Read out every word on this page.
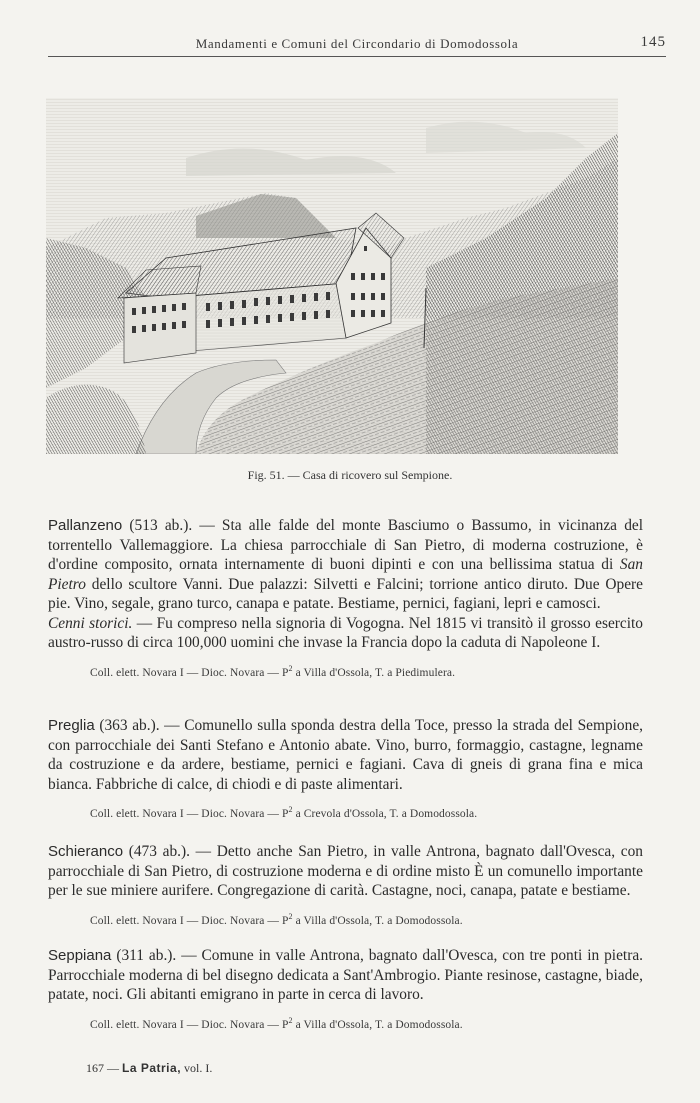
Mandamenti e Comuni del Circondario di Domodossola	145
Fig. 51. — Casa di ricovero sul Sempione.

Pallanzeno (513 ab.). — Sta alle falde del monte Basciumo o Bassumo, in vicinanza del torrentello Vallemaggiore. La chiesa parrocchiale di San Pietro, di moderna costruzione, è d'ordine composito, ornata internamente di buoni dipinti e con una bellissima statua di San Pietro dello scultore Vanni. Due palazzi: Silvetti e Falcini; torrione antico diruto. Due Opere pie. Vino, segale, grano turco, canapa e patate. Bestiame, pernici, fagiani, lepri e camosci.

Cenni storici. — Fu compreso nella signoria di Vogogna. Nel 1815 vi transitò il grosso esercito austro-russo di circa 100,000 uomini che invase la Francia dopo la caduta di Napoleone I.

Coll. elett. Novara I — Dioc. Novara — $P^2$ a Villa d'Ossola, T. a Piedimulera.

Preglia (363 ab.). — Comunello sulla sponda destra della Toce, presso la strada del Sempione, con parrocchiale dei Santi Stefano e Antonio abate. Vino, burro, formaggio, castagne, legname da costruzione e da ardere, bestiame, pernici e fagiani. Cava di gneis di grana fina e mica bianca. Fabbriche di calce, di chiodi e di paste alimentari.

Coll. elett. Novara I — Dioc. Novara — $P^2$ a Crevola d'Ossola, T. a Domodossola.

Schieranco (473 ab.). — Detto anche San Pietro, in valle Antrona, bagnato dall'Ovesca, con parrocchiale di San Pietro, di costruzione moderna e di ordine misto È un comunello importante per le sue miniere aurifere. Congregazione di carità. Castagne, noci, canapa, patate e bestiame.

Coll. elett. Novara I — Dioc. Novara — $P^2$ a Villa d'Ossola, T. a Domodossola.

Seppiana (311 ab.). — Comune in valle Antrona, bagnato dall'Ovesca, con tre ponti in pietra. Parrocchiale moderna di bel disegno dedicata a Sant'Ambrogio. Piante resinose, castagne, biade, patate, noci. Gli abitanti emigrano in parte in cerca di lavoro.

Coll. elett. Novara I — Dioc. Novara — $P^2$ a Villa d'Ossola, T. a Domodossola.

167 — La Patria, vol. I.
